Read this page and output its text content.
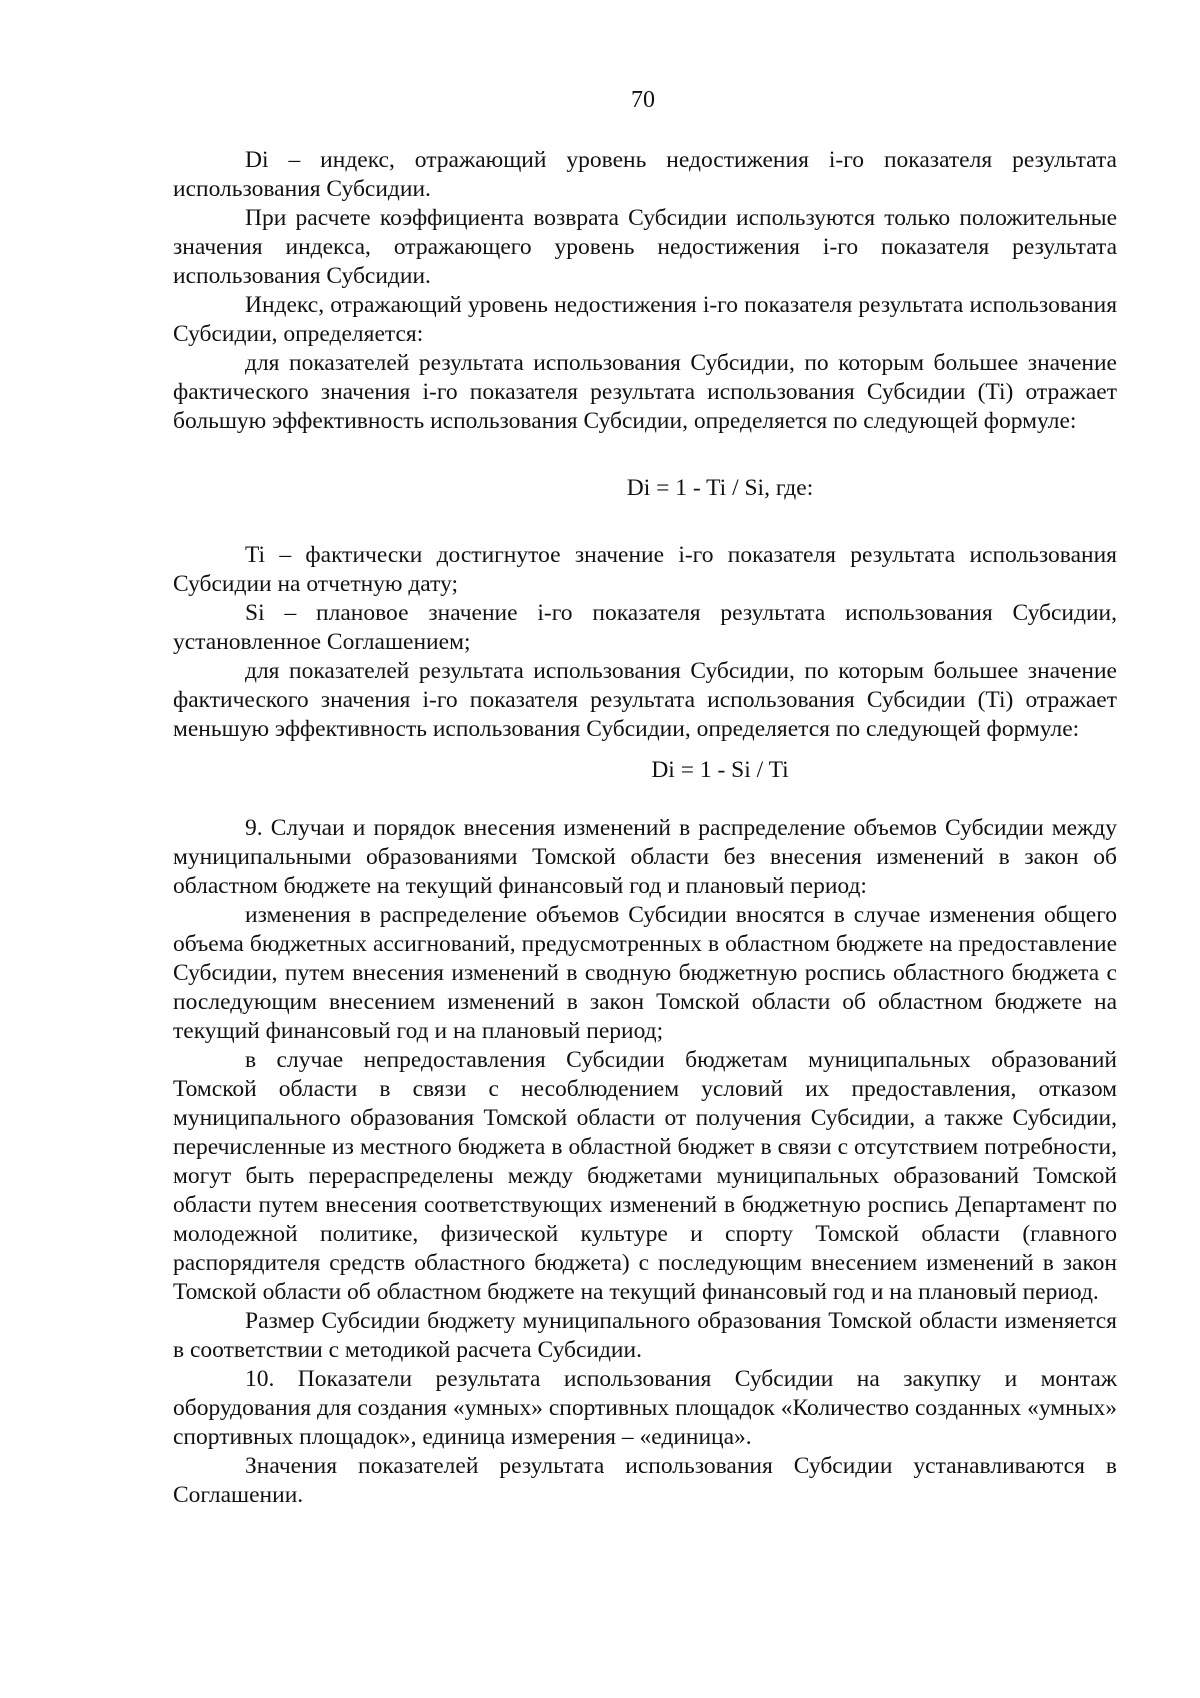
70

Di – индекс, отражающий уровень недостижения i-го показателя результата использования Субсидии.

При расчете коэффициента возврата Субсидии используются только положительные значения индекса, отражающего уровень недостижения i-го показателя результата использования Субсидии.

Индекс, отражающий уровень недостижения i-го показателя результата использования Субсидии, определяется:

для показателей результата использования Субсидии, по которым большее значение фактического значения i-го показателя результата использования Субсидии (Ti) отражает большую эффективность использования Субсидии, определяется по следующей формуле:

Di = 1 - Ti / Si, где:

Ti – фактически достигнутое значение i-го показателя результата использования Субсидии на отчетную дату;

Si – плановое значение i-го показателя результата использования Субсидии, установленное Соглашением;

для показателей результата использования Субсидии, по которым большее значение фактического значения i-го показателя результата использования Субсидии (Ti) отражает меньшую эффективность использования Субсидии, определяется по следующей формуле:

Di = 1 - Si / Ti

9. Случаи и порядок внесения изменений в распределение объемов Субсидии между муниципальными образованиями Томской области без внесения изменений в закон об областном бюджете на текущий финансовый год и плановый период:

изменения в распределение объемов Субсидии вносятся в случае изменения общего объема бюджетных ассигнований, предусмотренных в областном бюджете на предоставление Субсидии, путем внесения изменений в сводную бюджетную роспись областного бюджета с последующим внесением изменений в закон Томской области об областном бюджете на текущий финансовый год и на плановый период;

в случае непредоставления Субсидии бюджетам муниципальных образований Томской области в связи с несоблюдением условий их предоставления, отказом муниципального образования Томской области от получения Субсидии, а также Субсидии, перечисленные из местного бюджета в областной бюджет в связи с отсутствием потребности, могут быть перераспределены между бюджетами муниципальных образований Томской области путем внесения соответствующих изменений в бюджетную роспись Департамент по молодежной политике, физической культуре и спорту Томской области (главного распорядителя средств областного бюджета) с последующим внесением изменений в закон Томской области об областном бюджете на текущий финансовый год и на плановый период.

Размер Субсидии бюджету муниципального образования Томской области изменяется в соответствии с методикой расчета Субсидии.

10. Показатели результата использования Субсидии на закупку и монтаж оборудования для создания «умных» спортивных площадок «Количество созданных «умных» спортивных площадок», единица измерения – «единица».

Значения показателей результата использования Субсидии устанавливаются в Соглашении.
